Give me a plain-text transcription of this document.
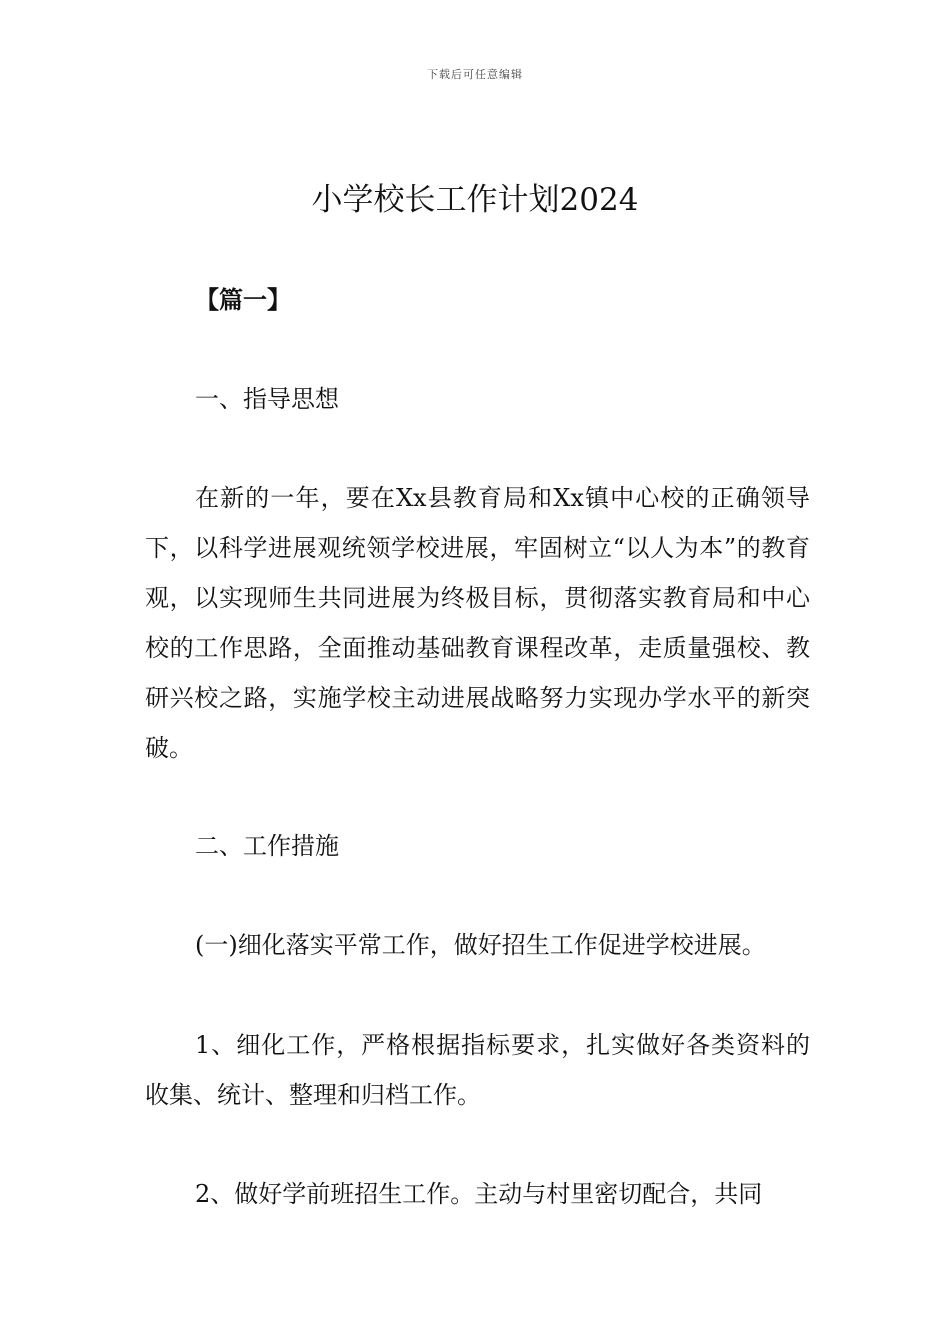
下载后可任意编辑
小学校长工作计划2024

【篇一】

一、指导思想

在新的一年，要在Xx县教育局和Xx镇中心校的正确领导下，以科学进展观统领学校进展，牢固树立“以人为本”的教育观，以实现师生共同进展为终极目标，贯彻落实教育局和中心校的工作思路，全面推动基础教育课程改革，走质量强校、教研兴校之路，实施学校主动进展战略努力实现办学水平的新突破。

二、工作措施

(一)细化落实平常工作，做好招生工作促进学校进展。

1、细化工作，严格根据指标要求，扎实做好各类资料的收集、统计、整理和归档工作。

2、做好学前班招生工作。主动与村里密切配合，共同
